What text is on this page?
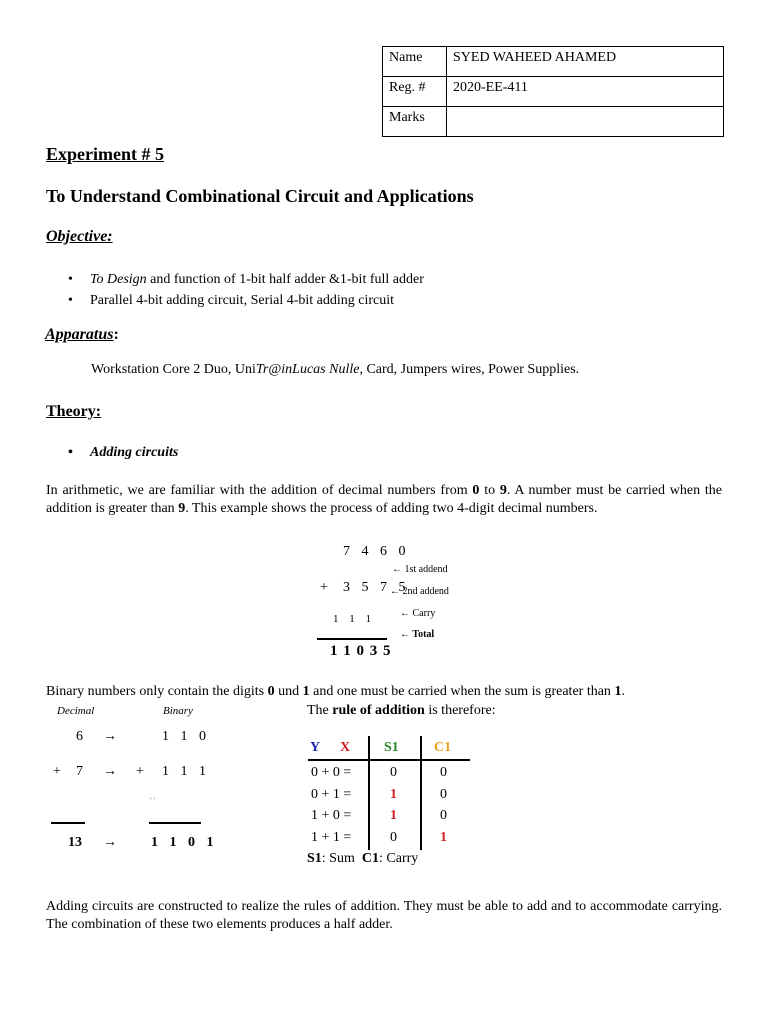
Name	SYED WAHEED AHAMED
Reg. #	2020-EE-411
Marks	
Experiment # 5
To Understand Combinational Circuit and Applications
Objective:
• To Design and function of 1-bit half adder &1-bit full adder
• Parallel 4-bit adding circuit, Serial 4-bit adding circuit
Apparatus:
Workstation Core 2 Duo, UniTr@inLucas Nulle, Card, Jumpers wires, Power Supplies.
Theory:
• Adding circuits
In arithmetic, we are familiar with the addition of decimal numbers from 0 to 9. A number must be carried when the addition is greater than 9. This example shows the process of adding two 4-digit decimal numbers.
7 4 6 0
← 1st addend
+ 3 5 7 5
← 2nd addend
1 1 1	← Carry
← Total
1 1 0 3 5
Binary numbers only contain the digits 0 und 1 and one must be carried when the sum is greater than 1.
Decimal	Binary
6 →	1 1 0
+ 7 → + 1 1 1
' '
13 → 1 1 0 1
The rule of addition is therefore:
Y X S1	C1
0 + 0 =	0	0
0 + 1 =	1	0
1 + 0 =	1	0
1 + 1 =	0	1
S1: Sum C1: Carry
Adding circuits are constructed to realize the rules of addition. They must be able to add and to accommodate carrying. The combination of these two elements produces a half adder.
